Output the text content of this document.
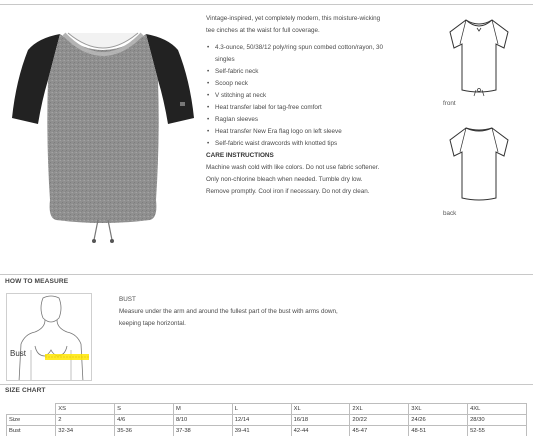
Vintage-inspired, yet completely modern, this moisture-wicking tee cinches at the waist for full coverage.

• 4.3-ounce, 50/38/12 poly/ring spun combed cotton/rayon, 30 singles
• Self-fabric neck
• Scoop neck
• V stitching at neck
• Heat transfer label for tag-free comfort
• Raglan sleeves
• Heat transfer New Era flag logo on left sleeve
• Self-fabric waist drawcords with knotted tips

CARE INSTRUCTIONS

Machine wash cold with like colors. Do not use fabric softener. Only non-chlorine bleach when needed. Tumble dry low. Remove promptly. Cool iron if necessary. Do not dry clean.

front
back
HOW TO MEASURE
Bust

BUST

Measure under the arm and around the fullest part of the bust with arms down, keeping tape horizontal.

SIZE CHART
	XS	S	M	L	XL	2XL	3XL	4XL
Size	2	4/6	8/10	12/14	16/18	20/22	24/26	28/30
Bust	32-34	35-36	37-38	39-41	42-44	45-47	48-51	52-55
